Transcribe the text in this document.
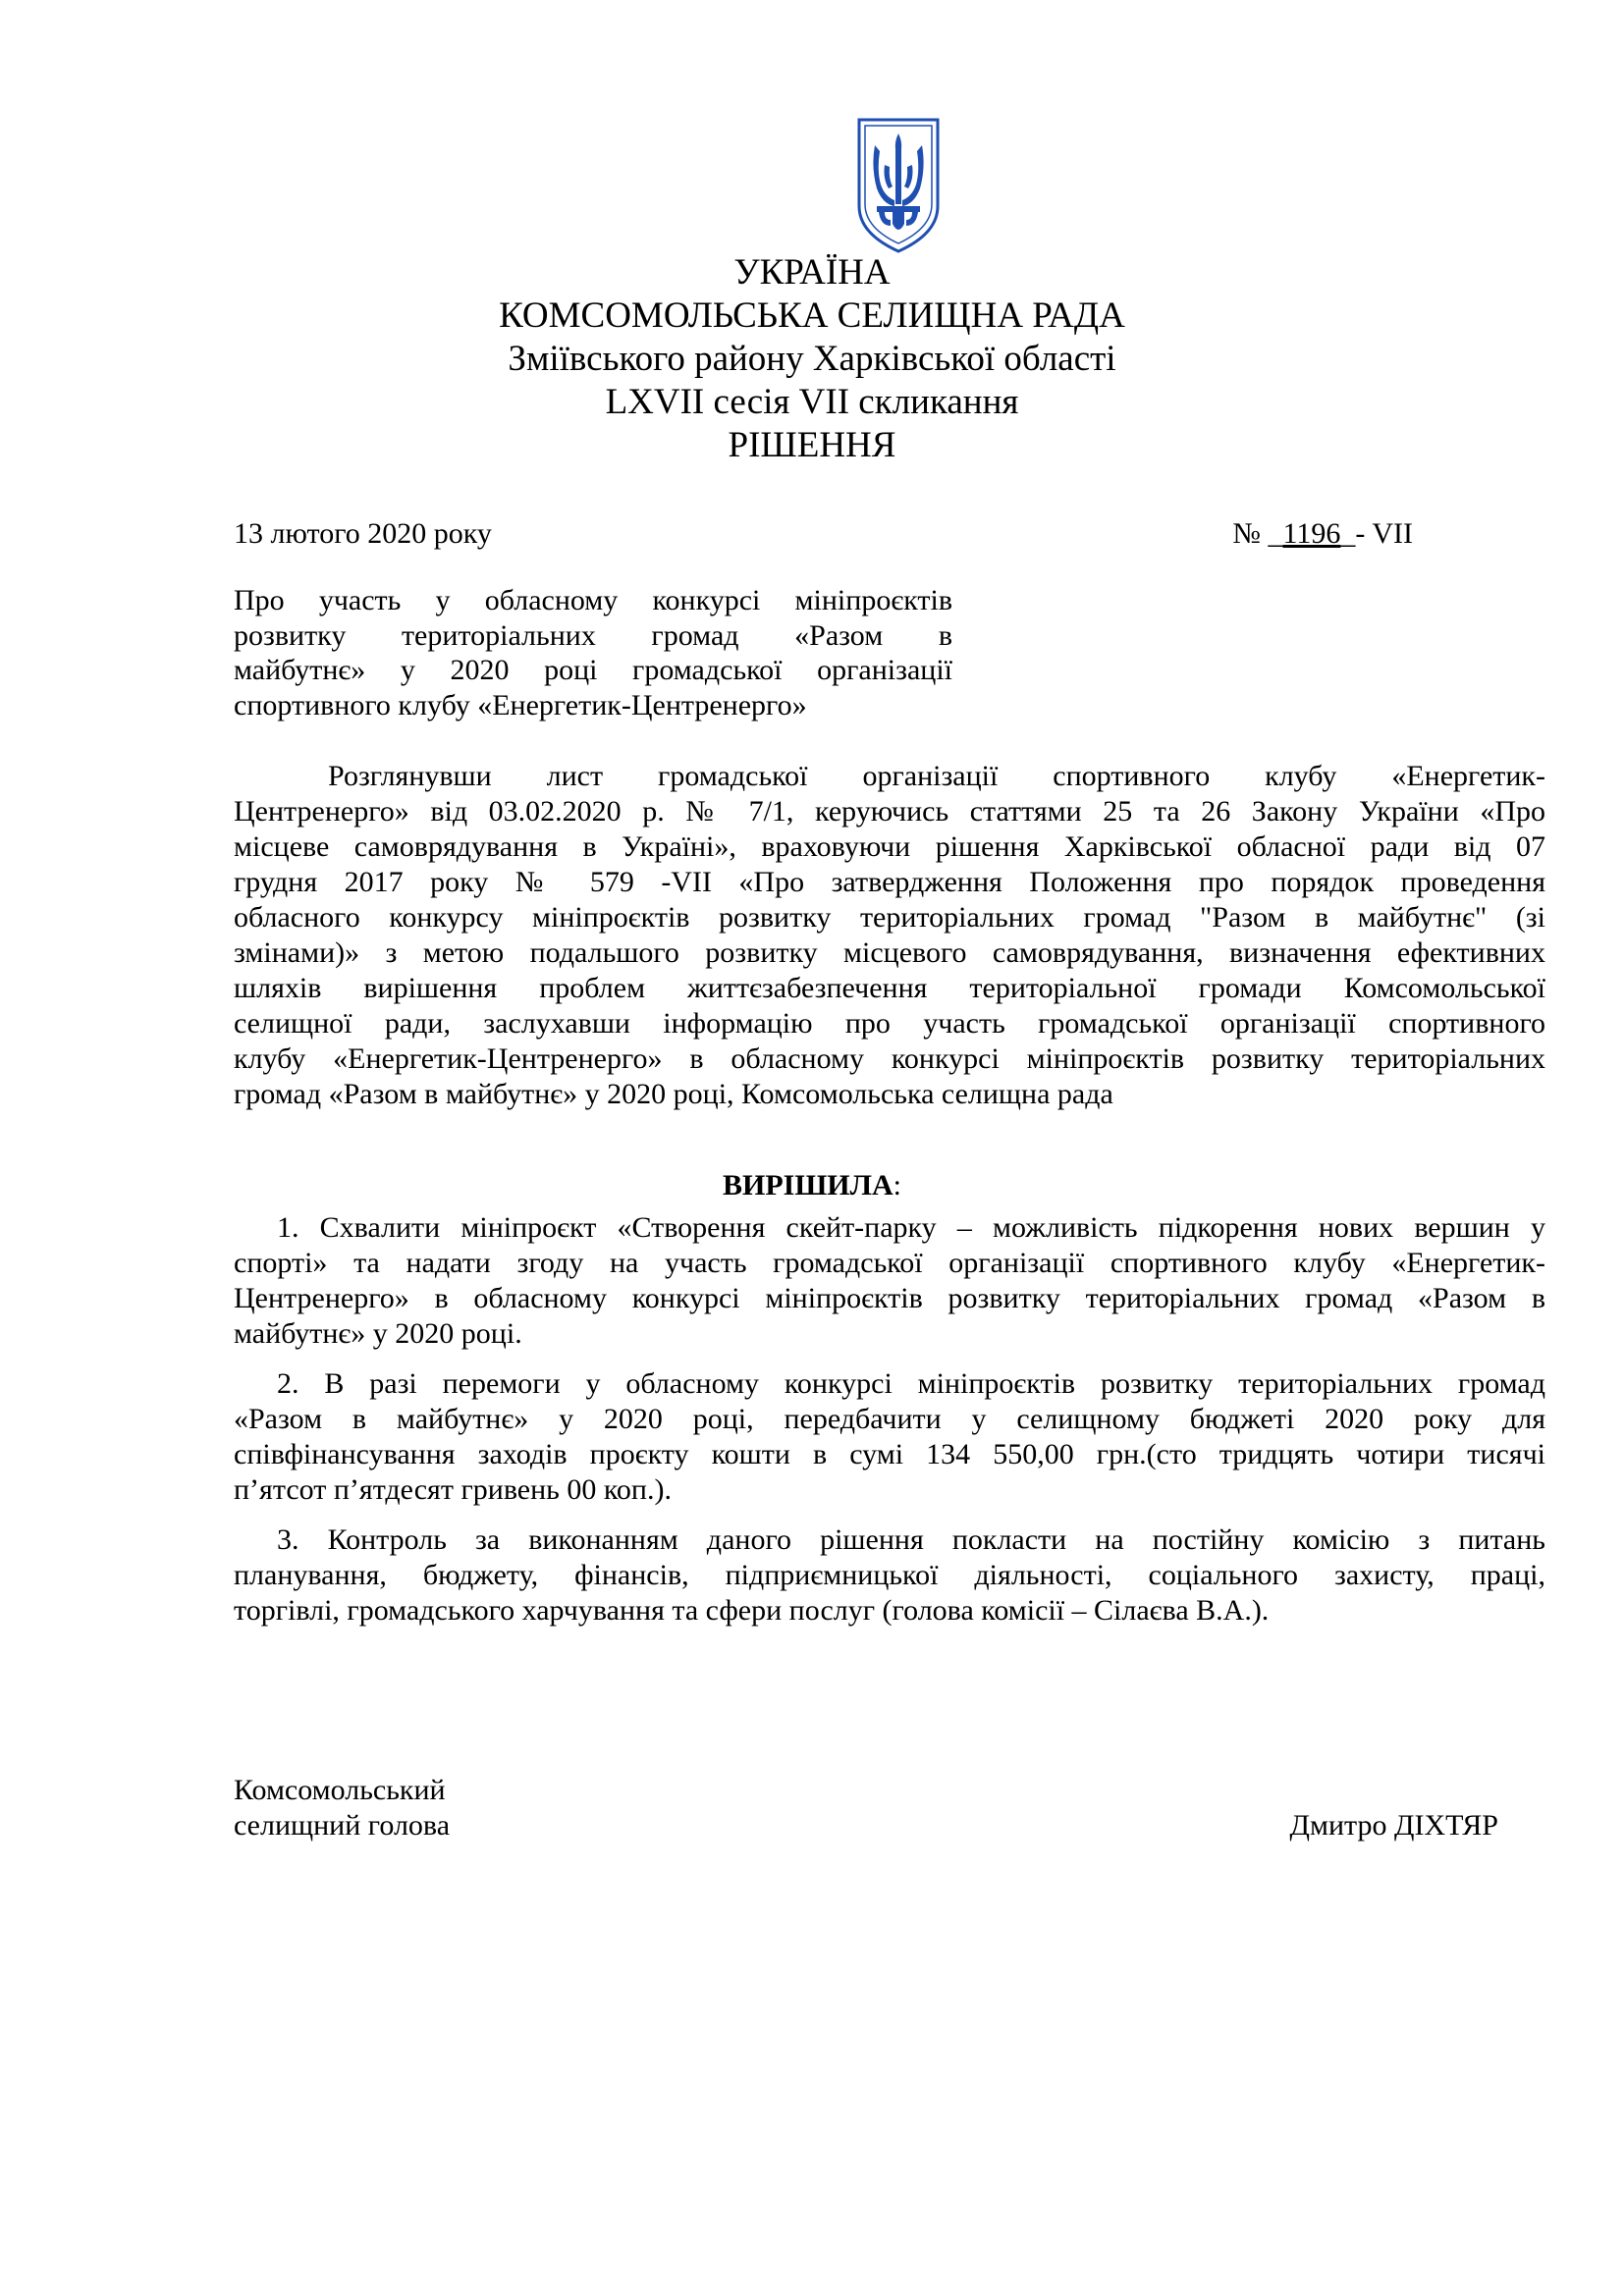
УКРАЇНА
КОМСОМОЛЬСЬКА СЕЛИЩНА РАДА
Зміївського району Харківської області
LXVII сесія VII скликання
РІШЕННЯ
13 лютого 2020 року	№ _1196_- VII
Про участь у обласному конкурсі мініпроєктів
розвитку територіальних громад «Разом в
майбутнє» у 2020 році громадської організації
спортивного клубу «Енергетик-Центренерго»
Розглянувши лист громадської організації спортивного клубу «Енергетик-
Центренерго» від 03.02.2020 р. № 7/1, керуючись статтями 25 та 26 Закону України «Про
місцеве самоврядування в Україні», враховуючи рішення Харківської обласної ради від 07
грудня 2017 року № 579 -VII «Про затвердження Положення про порядок проведення
обласного конкурсу мініпроєктів розвитку територіальних громад "Разом в майбутнє" (зі
змінами)» з метою подальшого розвитку місцевого самоврядування, визначення ефективних
шляхів вирішення проблем життєзабезпечення територіальної громади Комсомольської
селищної ради, заслухавши інформацію про участь громадської організації спортивного
клубу «Енергетик-Центренерго» в обласному конкурсі мініпроєктів розвитку територіальних
громад «Разом в майбутнє» у 2020 році, Комсомольська селищна рада
ВИРІШИЛА:
1. Схвалити мініпроєкт «Створення скейт-парку – можливість підкорення нових вершин у
спорті» та надати згоду на участь громадської організації спортивного клубу «Енергетик-
Центренерго» в обласному конкурсі мініпроєктів розвитку територіальних громад «Разом в
майбутнє» у 2020 році.
2. В разі перемоги у обласному конкурсі мініпроєктів розвитку територіальних громад
«Разом в майбутнє» у 2020 році, передбачити у селищному бюджеті 2020 року для
співфінансування заходів проєкту кошти в сумі 134 550,00 грн.(сто тридцять чотири тисячі
п’ятсот п’ятдесят гривень 00 коп.).
3. Контроль за виконанням даного рішення покласти на постійну комісію з питань
планування, бюджету, фінансів, підприємницької діяльності, соціального захисту, праці,
торгівлі, громадського харчування та сфери послуг (голова комісії – Сілаєва В.А.).
Комсомольський
селищний голова	Дмитро ДІХТЯР
